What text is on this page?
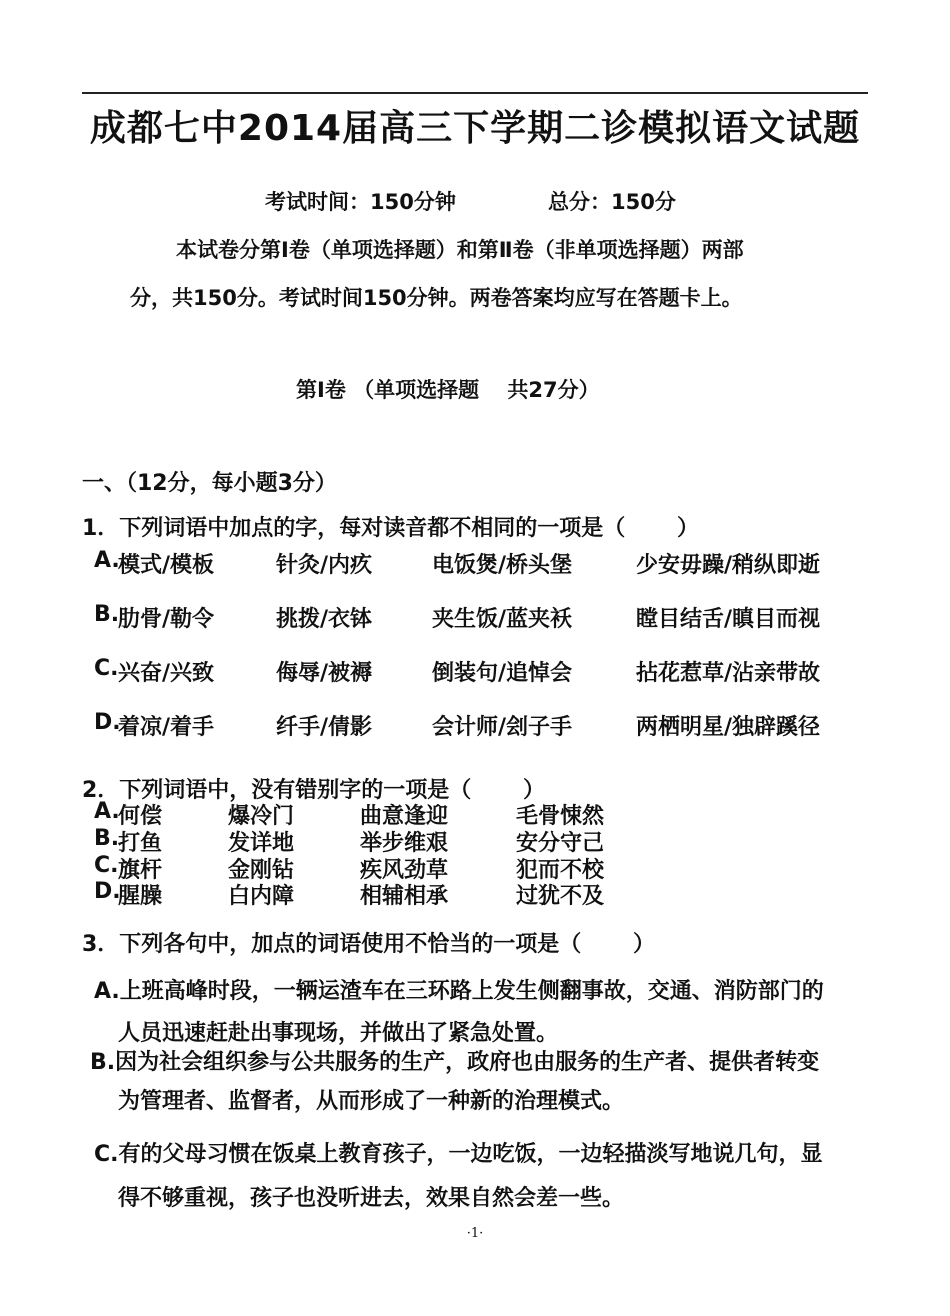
成都七中2014届高三下学期二诊模拟语文试题
考试时间：150分钟	总分：150分
本试卷分第Ⅰ卷（单项选择题）和第Ⅱ卷（非单项选择题）两部
分，共150分。考试时间150分钟。两卷答案均应写在答题卡上。
第Ⅰ卷 （单项选择题　 共27分）
一、（12分，每小题3分）
1．下列词语中加点的字，每对读音都不相同的一项是（　　 ）
A.
模式/模板	针灸/内疚	电饭煲/桥头堡	少安毋躁/稍纵即逝
B.
肋骨/勒令	挑拨/衣钵	夹生饭/蓝夹袄	瞠目结舌/瞋目而视
C. 兴奋/兴致	侮辱/被褥	倒装句/追悼会	拈花惹草/沾亲带故
D.
着凉/着手	纤手/倩影	会计师/刽子手	两栖明星/独辟蹊径
2．下列词语中，没有错别字的一项是（　　 ）
A.
何偿	爆冷门	曲意逢迎	毛骨悚然
B.
打鱼	发详地	举步维艰	安分守己
C. 旗杆	金刚钻	疾风劲草	犯而不校
D.
腥臊	白内障	相辅相承	过犹不及
3．下列各句中，加点的词语使用不恰当的一项是（　　 ）
A.上班高峰时段，一辆运渣车在三环路上发生侧翻事故，交通、消防部门的
人员迅速赶赴出事现场，并做出了紧急处置。
B.因为社会组织参与公共服务的生产，政府也由服务的生产者、提供者转变
为管理者、监督者，从而形成了一种新的治理模式。
C.有的父母习惯在饭桌上教育孩子，一边吃饭，一边轻描淡写地说几句，显
得不够重视，孩子也没听进去，效果自然会差一些。
·1·
